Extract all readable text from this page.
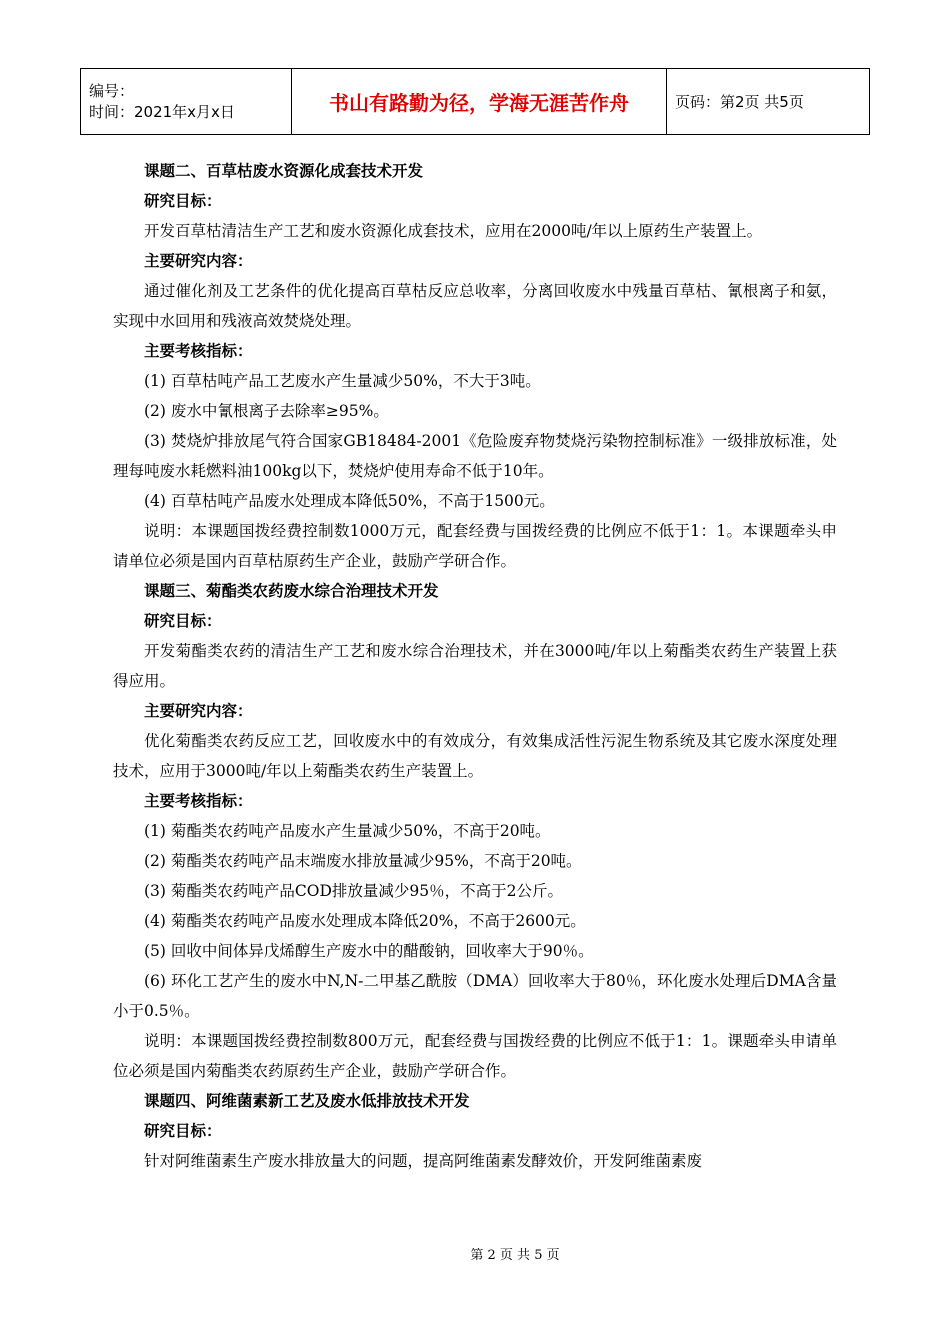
编号：
时间：2021年x月x日	书山有路勤为径，学海无涯苦作舟	页码：第2页 共5页

课题二、百草枯废水资源化成套技术开发

研究目标：

开发百草枯清洁生产工艺和废水资源化成套技术，应用在2000吨/年以上原药生产装置上。

主要研究内容：

通过催化剂及工艺条件的优化提高百草枯反应总收率，分离回收废水中残量百草枯、氰根离子和氨，实现中水回用和残液高效焚烧处理。

主要考核指标：

(1) 百草枯吨产品工艺废水产生量减少50%，不大于3吨。

(2) 废水中氰根离子去除率≥95%。

(3) 焚烧炉排放尾气符合国家GB18484-2001《危险废弃物焚烧污染物控制标准》一级排放标准，处理每吨废水耗燃料油100kg以下，焚烧炉使用寿命不低于10年。

(4) 百草枯吨产品废水处理成本降低50%，不高于1500元。

说明：本课题国拨经费控制数1000万元，配套经费与国拨经费的比例应不低于1：1。本课题牵头申请单位必须是国内百草枯原药生产企业，鼓励产学研合作。

课题三、菊酯类农药废水综合治理技术开发

研究目标：

开发菊酯类农药的清洁生产工艺和废水综合治理技术，并在3000吨/年以上菊酯类农药生产装置上获得应用。

主要研究内容：

优化菊酯类农药反应工艺，回收废水中的有效成分，有效集成活性污泥生物系统及其它废水深度处理技术，应用于3000吨/年以上菊酯类农药生产装置上。

主要考核指标：

(1) 菊酯类农药吨产品废水产生量减少50%，不高于20吨。

(2) 菊酯类农药吨产品末端废水排放量减少95%，不高于20吨。

(3) 菊酯类农药吨产品COD排放量减少95％，不高于2公斤。

(4) 菊酯类农药吨产品废水处理成本降低20%，不高于2600元。

(5) 回收中间体异戊烯醇生产废水中的醋酸钠，回收率大于90％。

(6) 环化工艺产生的废水中N,N-二甲基乙酰胺（DMA）回收率大于80％，环化废水处理后DMA含量小于0.5％。

说明：本课题国拨经费控制数800万元，配套经费与国拨经费的比例应不低于1：1。课题牵头申请单位必须是国内菊酯类农药原药生产企业，鼓励产学研合作。

课题四、阿维菌素新工艺及废水低排放技术开发

研究目标：

针对阿维菌素生产废水排放量大的问题，提高阿维菌素发酵效价，开发阿维菌素废

第 2 页 共 5 页
